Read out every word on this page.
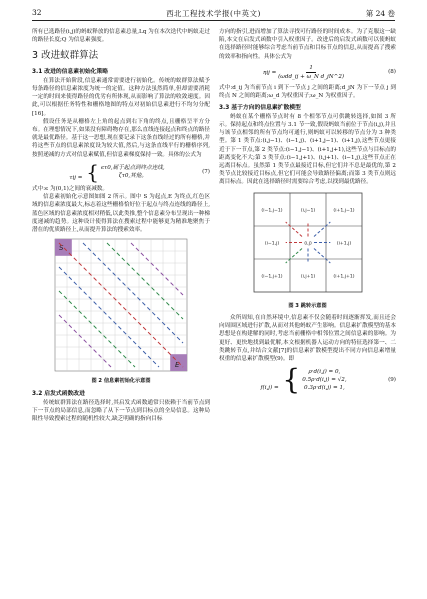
32	西北工程技术学报(中英文)	第 24 卷

所有已选路径(i,j)的蚂蚁释放的信息素总量,Lq 为在本次迭代中蚂蚁走过的路径长度;Q 为信息素强度。

3 改进蚁群算法
3.1 改进的信息素初始化策略

在算法开始阶段,信息素通常需要进行初始化。传统的蚁群算法赋予每条路径的信息素浓度为统一的定值。这种方法虽然简单,但却需要消耗一定的时间来使得路径的优劣有所体现,从而影响了算法的收敛速度。因此,可以根据任务特性和栅格地图的特点对初始信息素进行不均匀分配[16]。

假设任务是从栅格左上角的起点到右下角的终点,且栅格呈平方分布。在理想情况下,如果没有障碍物存在,那么直线连接起点和终点的路径就是最优路径。基于这一思想,现在要记录下这条直线经过的所有栅格,并将这些节点的信息素浓度设为较大值,然后,与这条直线平行的栅格序列,按照递减的方式对信息素赋值,但信息素梯度保持一致。具体的公式为

τij = { ϵτ0,属于起点到终点连线,
ζτ0,其他。
(7)

式中:ϵ 为(0,1)之间的衰减数。

信息素初始化示意图如图 2 所示。图中 S 为起点,E 为终点,红色区域的信息素浓度最大,标志着这些栅格恰好位于起点与终点连线的路径上,蓝色区域的信息素浓度相对稍低,以此类推,整个信息素分布呈现出一种梯度递减的趋势。这种设计使得算法在搜索过程中能够更为精准地聚焦于潜在的优质路径上,从而提升算法的搜索效率。

S
E
图 2 信息素初始化示意图
3.2 启发式函数改进

传统蚁群算法在路径选择时,其启发式函数通常只依赖于当前节点到下一节点的局部信息,而忽略了从下一节点到目标点的全局信息。这种局限性导致搜索过程的随机性较大,缺乏明确的指向目标

方向的指引,进而增加了算法寻找可行路径的时间成本。为了克服这一缺陷,本文在启发式函数中引入权重因子。改进后的启发式函数可以使蚂蚁在选择路径时能够综合考虑当前节点和目标节点的信息,从而提高了搜索的效率和指向性。具体公式为

$\eta ij = \frac{1}{\text{(ωdd\_ij + ω\_N d\_jN\textasciicircum{}2)}}$	(8)

式中:d_ij 为当前节点 i 到下一节点 j 之间的距离;d_jN 为下一节点 j 到终点 N 之间的距离;ω_d 为权重因子;ω_N 为权重因子。

3.3 基于方向的信息素扩散模型

蚂蚁在某个栅格节点时有 8 个相邻节点可供跳转选择,如图 3 所示。保持起点和终点位置与 3.1 节一致,假设蚂蚁当前位于节点(i,j),并且与该节点相邻的所有节点均可通行,则蚂蚁可以转移的节点分为 3 种类型。第 1 类节点:(i,j−1)、(i−1,j)、(i+1,j−1)、(i+1,j),这些节点更接近于下一节点,第 2 类节点:(i−1,j−1)、(i+1,j+1),这些节点与目标点的距离变化不大;第 3 类节点:(i−1,j+1)、(i,j+1)、(i−1,j),这些节点正在远离目标点。虽然第 1 类节点最接近目标,但它们并不总是最优的,第 2 类节点比较接近目标点,但它们可能会导致路径偏离;而第 3 类节点则远离目标点。因此在选择路径时需要综合考虑,以找到最优路径。

(i−1,j−1)	(i,j−1)	(i+1,j−1)
(i−1,j)	(i,j)	(i+1,j)
(i−1,j+1)	(i,j+1)	(i+1,j+1)
图 3 跳转示意图

众所周知,在自然环境中,信息素不仅会随着时间逐渐挥发,而且还会向周围区域进行扩散,从而对其他蚂蚁产生影响。信息素扩散模型的基本思想是在构建解的同时,考虑当前栅格中相邻位置之间信息素的影响。为更好、更快地找到最优解,本文根据机器人运动方向的特征选择第一、二类跳转节点,并结合文献[7]的信息素扩散模型提出不同方向信息素增量权重的信息素扩散模型(9)。即

f(i,j) = {	ρ·d(i,j) = 0,
0.5ρ·d(i,j) = √2,
0.3ρ·d(i,j) = 1,
(9)
